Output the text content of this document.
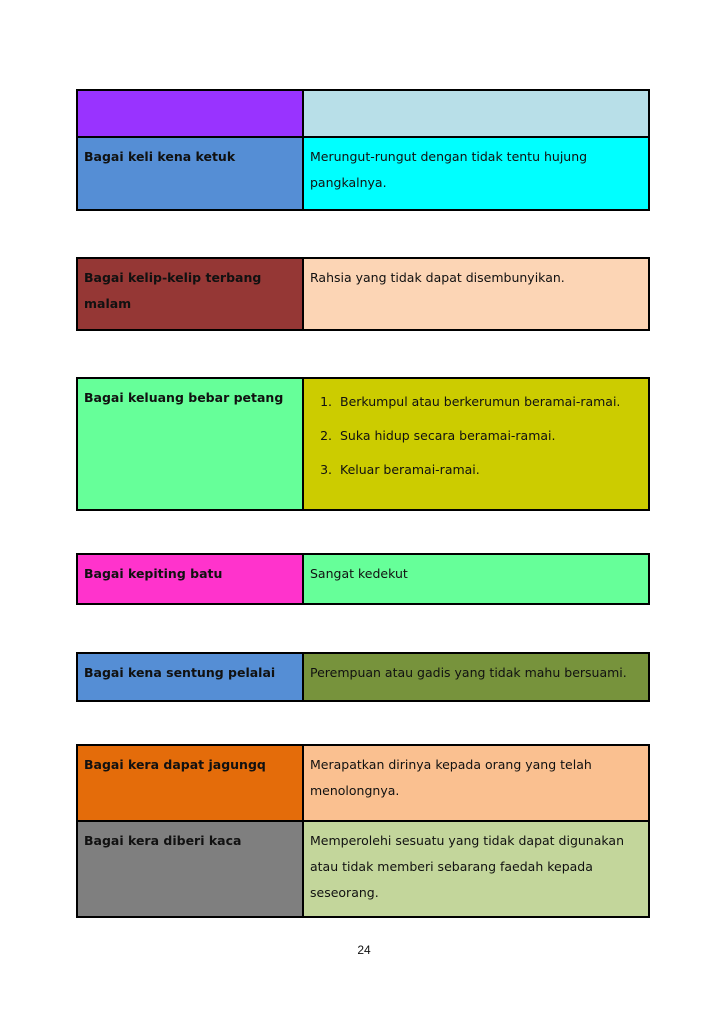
Bagai keli kena ketuk	Merungut-rungut dengan tidak tentu hujung pangkalnya.
Bagai kelip-kelip terbang malam
Rahsia yang tidak dapat disembunyikan.
Bagai keluang bebar petang
1.	Berkumpul atau berkerumun beramai-ramai.
2. Suka hidup secara beramai-ramai.
3. Keluar beramai-ramai.
Bagai kepiting batu	Sangat kedekut
Bagai kena sentung pelalai	Perempuan atau gadis yang tidak mahu bersuami.
Bagai kera dapat jagungq	Merapatkan dirinya kepada orang yang telah menolongnya.
Bagai kera diberi kaca	Memperolehi sesuatu yang tidak dapat digunakan atau tidak memberi sebarang faedah kepada seseorang.
24
